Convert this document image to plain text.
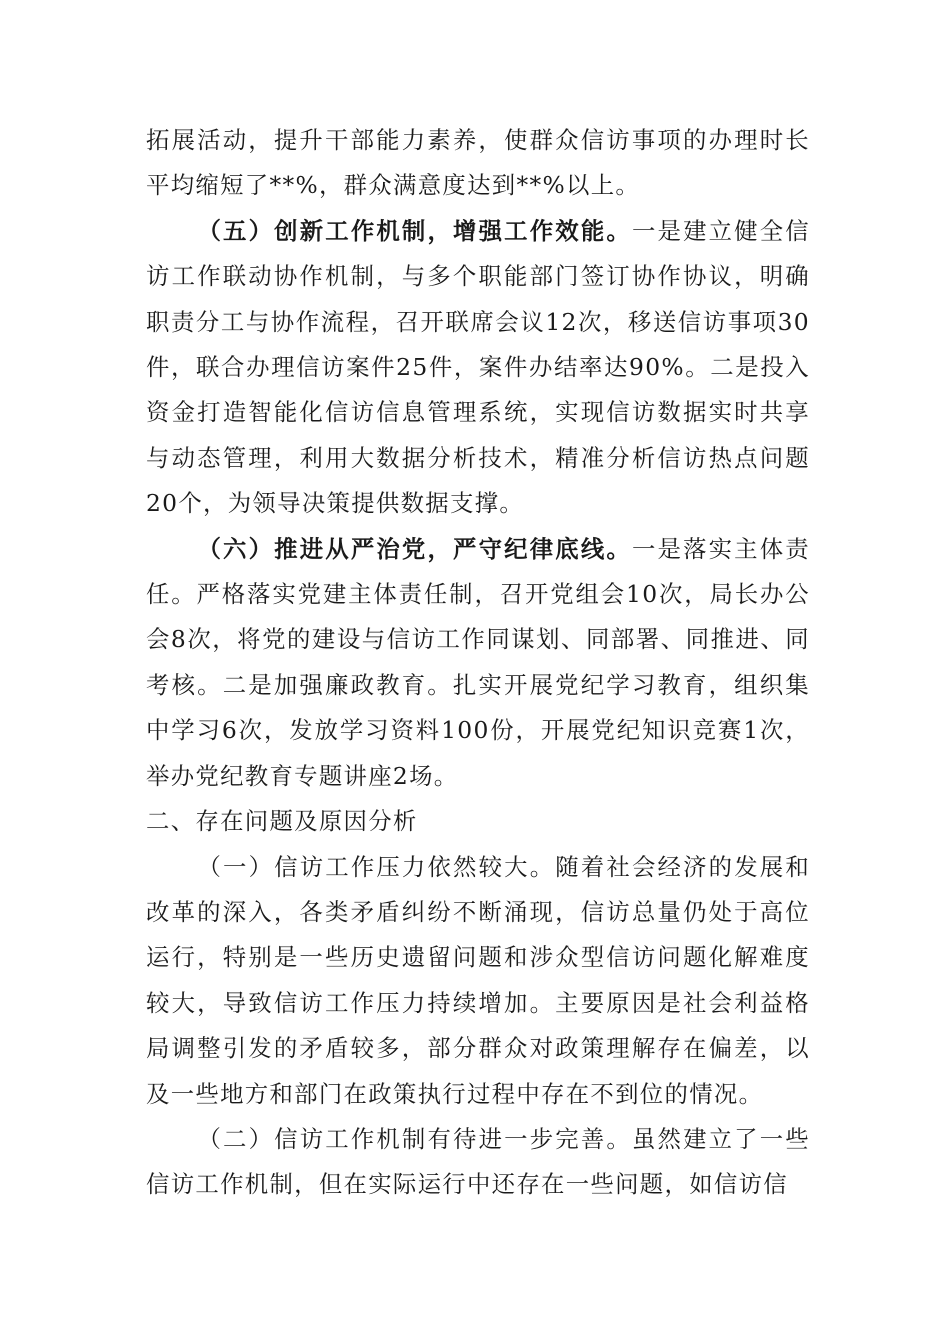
拓展活动，提升干部能力素养，使群众信访事项的办理时长平均缩短了**%，群众满意度达到**%以上。

（五）创新工作机制，增强工作效能。一是建立健全信访工作联动协作机制，与多个职能部门签订协作协议，明确职责分工与协作流程，召开联席会议12次，移送信访事项30件，联合办理信访案件25件，案件办结率达90%。二是投入资金打造智能化信访信息管理系统，实现信访数据实时共享与动态管理，利用大数据分析技术，精准分析信访热点问题20个，为领导决策提供数据支撑。

（六）推进从严治党，严守纪律底线。一是落实主体责任。严格落实党建主体责任制，召开党组会10次，局长办公会8次，将党的建设与信访工作同谋划、同部署、同推进、同考核。二是加强廉政教育。扎实开展党纪学习教育，组织集中学习6次，发放学习资料100份，开展党纪知识竞赛1次，举办党纪教育专题讲座2场。

二、存在问题及原因分析

（一）信访工作压力依然较大。随着社会经济的发展和改革的深入，各类矛盾纠纷不断涌现，信访总量仍处于高位运行，特别是一些历史遗留问题和涉众型信访问题化解难度较大，导致信访工作压力持续增加。主要原因是社会利益格局调整引发的矛盾较多，部分群众对政策理解存在偏差，以及一些地方和部门在政策执行过程中存在不到位的情况。

（二）信访工作机制有待进一步完善。虽然建立了一些信访工作机制，但在实际运行中还存在一些问题，如信访信
